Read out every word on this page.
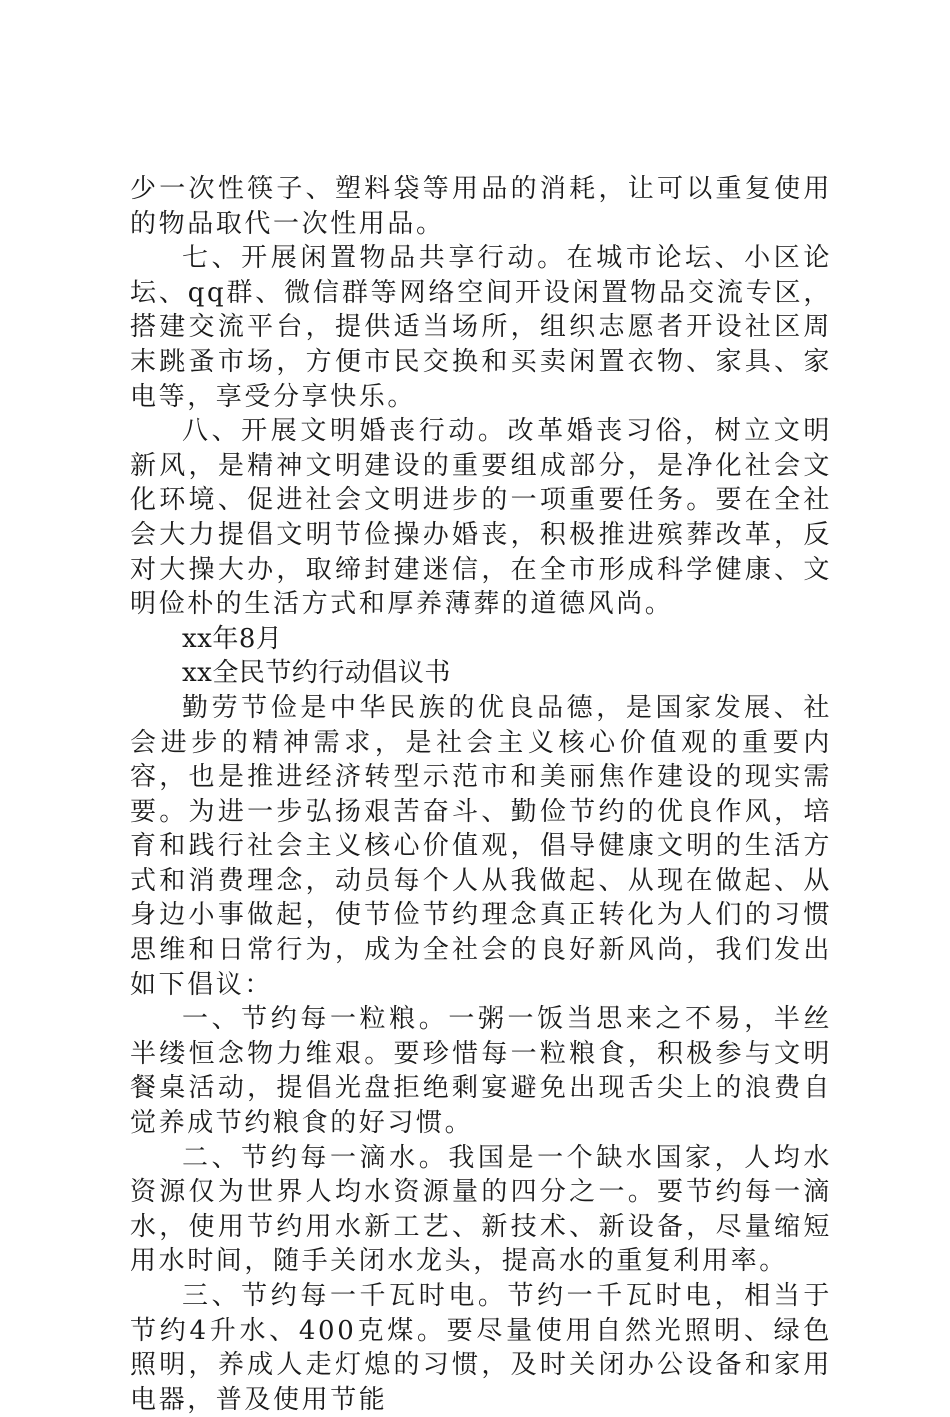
少一次性筷子、塑料袋等用品的消耗，让可以重复使用的物品取代一次性用品。

七、开展闲置物品共享行动。在城市论坛、小区论坛、qq群、微信群等网络空间开设闲置物品交流专区，搭建交流平台，提供适当场所，组织志愿者开设社区周末跳蚤市场，方便市民交换和买卖闲置衣物、家具、家电等，享受分享快乐。

八、开展文明婚丧行动。改革婚丧习俗，树立文明新风，是精神文明建设的重要组成部分，是净化社会文化环境、促进社会文明进步的一项重要任务。要在全社会大力提倡文明节俭操办婚丧，积极推进殡葬改革，反对大操大办，取缔封建迷信，在全市形成科学健康、文明俭朴的生活方式和厚养薄葬的道德风尚。

xx年8月

xx全民节约行动倡议书

勤劳节俭是中华民族的优良品德，是国家发展、社会进步的精神需求，是社会主义核心价值观的重要内容，也是推进经济转型示范市和美丽焦作建设的现实需要。为进一步弘扬艰苦奋斗、勤俭节约的优良作风，培育和践行社会主义核心价值观，倡导健康文明的生活方式和消费理念，动员每个人从我做起、从现在做起、从身边小事做起，使节俭节约理念真正转化为人们的习惯思维和日常行为，成为全社会的良好新风尚，我们发出如下倡议：

一、节约每一粒粮。一粥一饭当思来之不易，半丝半缕恒念物力维艰。要珍惜每一粒粮食，积极参与文明餐桌活动，提倡光盘拒绝剩宴避免出现舌尖上的浪费自觉养成节约粮食的好习惯。

二、节约每一滴水。我国是一个缺水国家，人均水资源仅为世界人均水资源量的四分之一。要节约每一滴水，使用节约用水新工艺、新技术、新设备，尽量缩短用水时间，随手关闭水龙头，提高水的重复利用率。

三、节约每一千瓦时电。节约一千瓦时电，相当于节约4升水、400克煤。要尽量使用自然光照明、绿色照明，养成人走灯熄的习惯，及时关闭办公设备和家用电器，普及使用节能
